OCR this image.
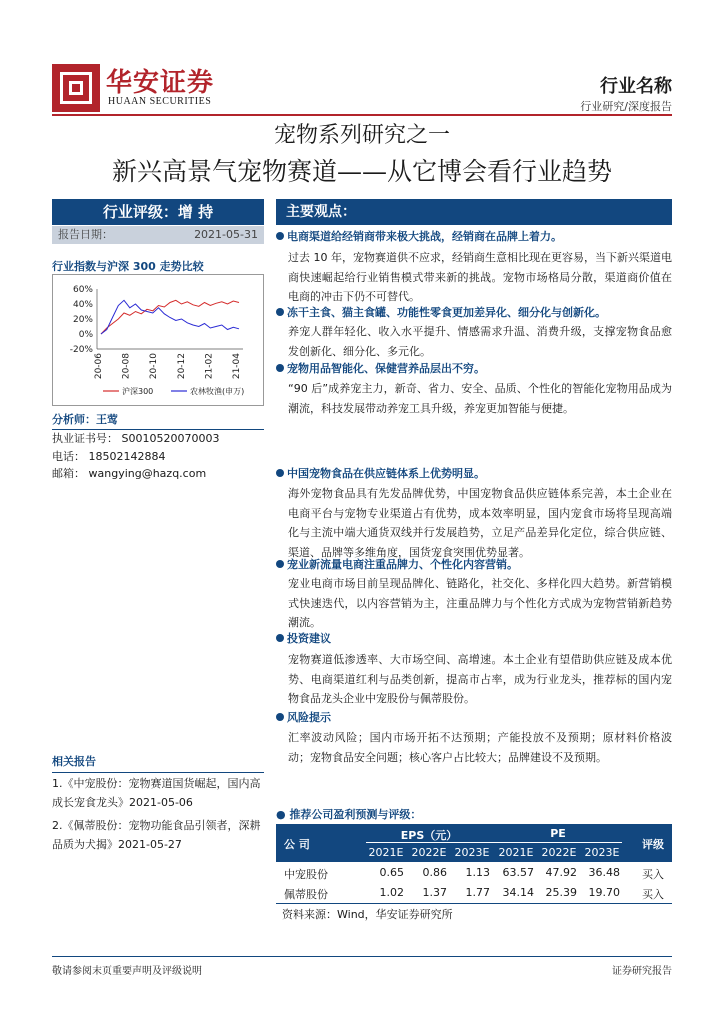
华安证券
HUAAN SECURITIES
行业名称
行业研究/深度报告
宠物系列研究之一
新兴高景气宠物赛道——从它博会看行业趋势
行业评级：增 持
报告日期：	2021-05-31
行业指数与沪深 300 走势比较
60%
40%
20%
0%
-20%
20-06 20-08 20-10 20-12 21-02 21-04
沪深300	农林牧渔(申万)
分析师：王莺
执业证书号： S0010520070003
电话： 18502142884
邮箱： wangying@hazq.com
相关报告
1.《中宠股份：宠物赛道国货崛起，国内高成长宠食龙头》2021-05-06
2.《佩蒂股份：宠物功能食品引领者，深耕品质为犬揭》2021-05-27
主要观点：
电商渠道给经销商带来极大挑战，经销商在品牌上着力。
过去 10 年，宠物赛道供不应求，经销商生意相比现在更容易，当下新兴渠道电商快速崛起给行业销售模式带来新的挑战。宠物市场格局分散，渠道商价值在电商的冲击下仍不可替代。
冻干主食、猫主食罐、功能性零食更加差异化、细分化与创新化。
养宠人群年轻化、收入水平提升、情感需求升温、消费升级，支撑宠物食品愈发创新化、细分化、多元化。
宠物用品智能化、保健营养品层出不穷。
“90 后”成养宠主力，新奇、省力、安全、品质、个性化的智能化宠物用品成为潮流，科技发展带动养宠工具升级，养宠更加智能与便捷。
中国宠物食品在供应链体系上优势明显。
海外宠物食品具有先发品牌优势，中国宠物食品供应链体系完善，本土企业在电商平台与宠物专业渠道占有优势，成本效率明显，国内宠食市场将呈现高端化与主流中端大通货双线并行发展趋势，立足产品差异化定位，综合供应链、渠道、品牌等多维角度，国货宠食突围优势显著。
宠业新流量电商注重品牌力、个性化内容营销。
宠业电商市场目前呈现品牌化、链路化，社交化、多样化四大趋势。新营销模式快速迭代，以内容营销为主，注重品牌力与个性化方式成为宠物营销新趋势潮流。
投资建议
宠物赛道低渗透率、大市场空间、高增速。本土企业有望借助供应链及成本优势、电商渠道红利与品类创新，提高市占率，成为行业龙头，推荐标的国内宠物食品龙头企业中宠股份与佩蒂股份。
风险提示
汇率波动风险；国内市场开拓不达预期；产能投放不及预期；原材料价格波动；宠物食品安全问题；核心客户占比较大；品牌建设不及预期。
● 推荐公司盈利预测与评级：
公 司
EPS（元）	PE
评级
2021E 2022E 2023E 2021E 2022E 2023E
中宠股份	0.65	0.86	1.13	63.57	47.92	36.48 买入
佩蒂股份	1.02	1.37	1.77	34.14	25.39	19.70 买入
资料来源：Wind，华安证券研究所
敬请参阅末页重要声明及评级说明	证券研究报告
